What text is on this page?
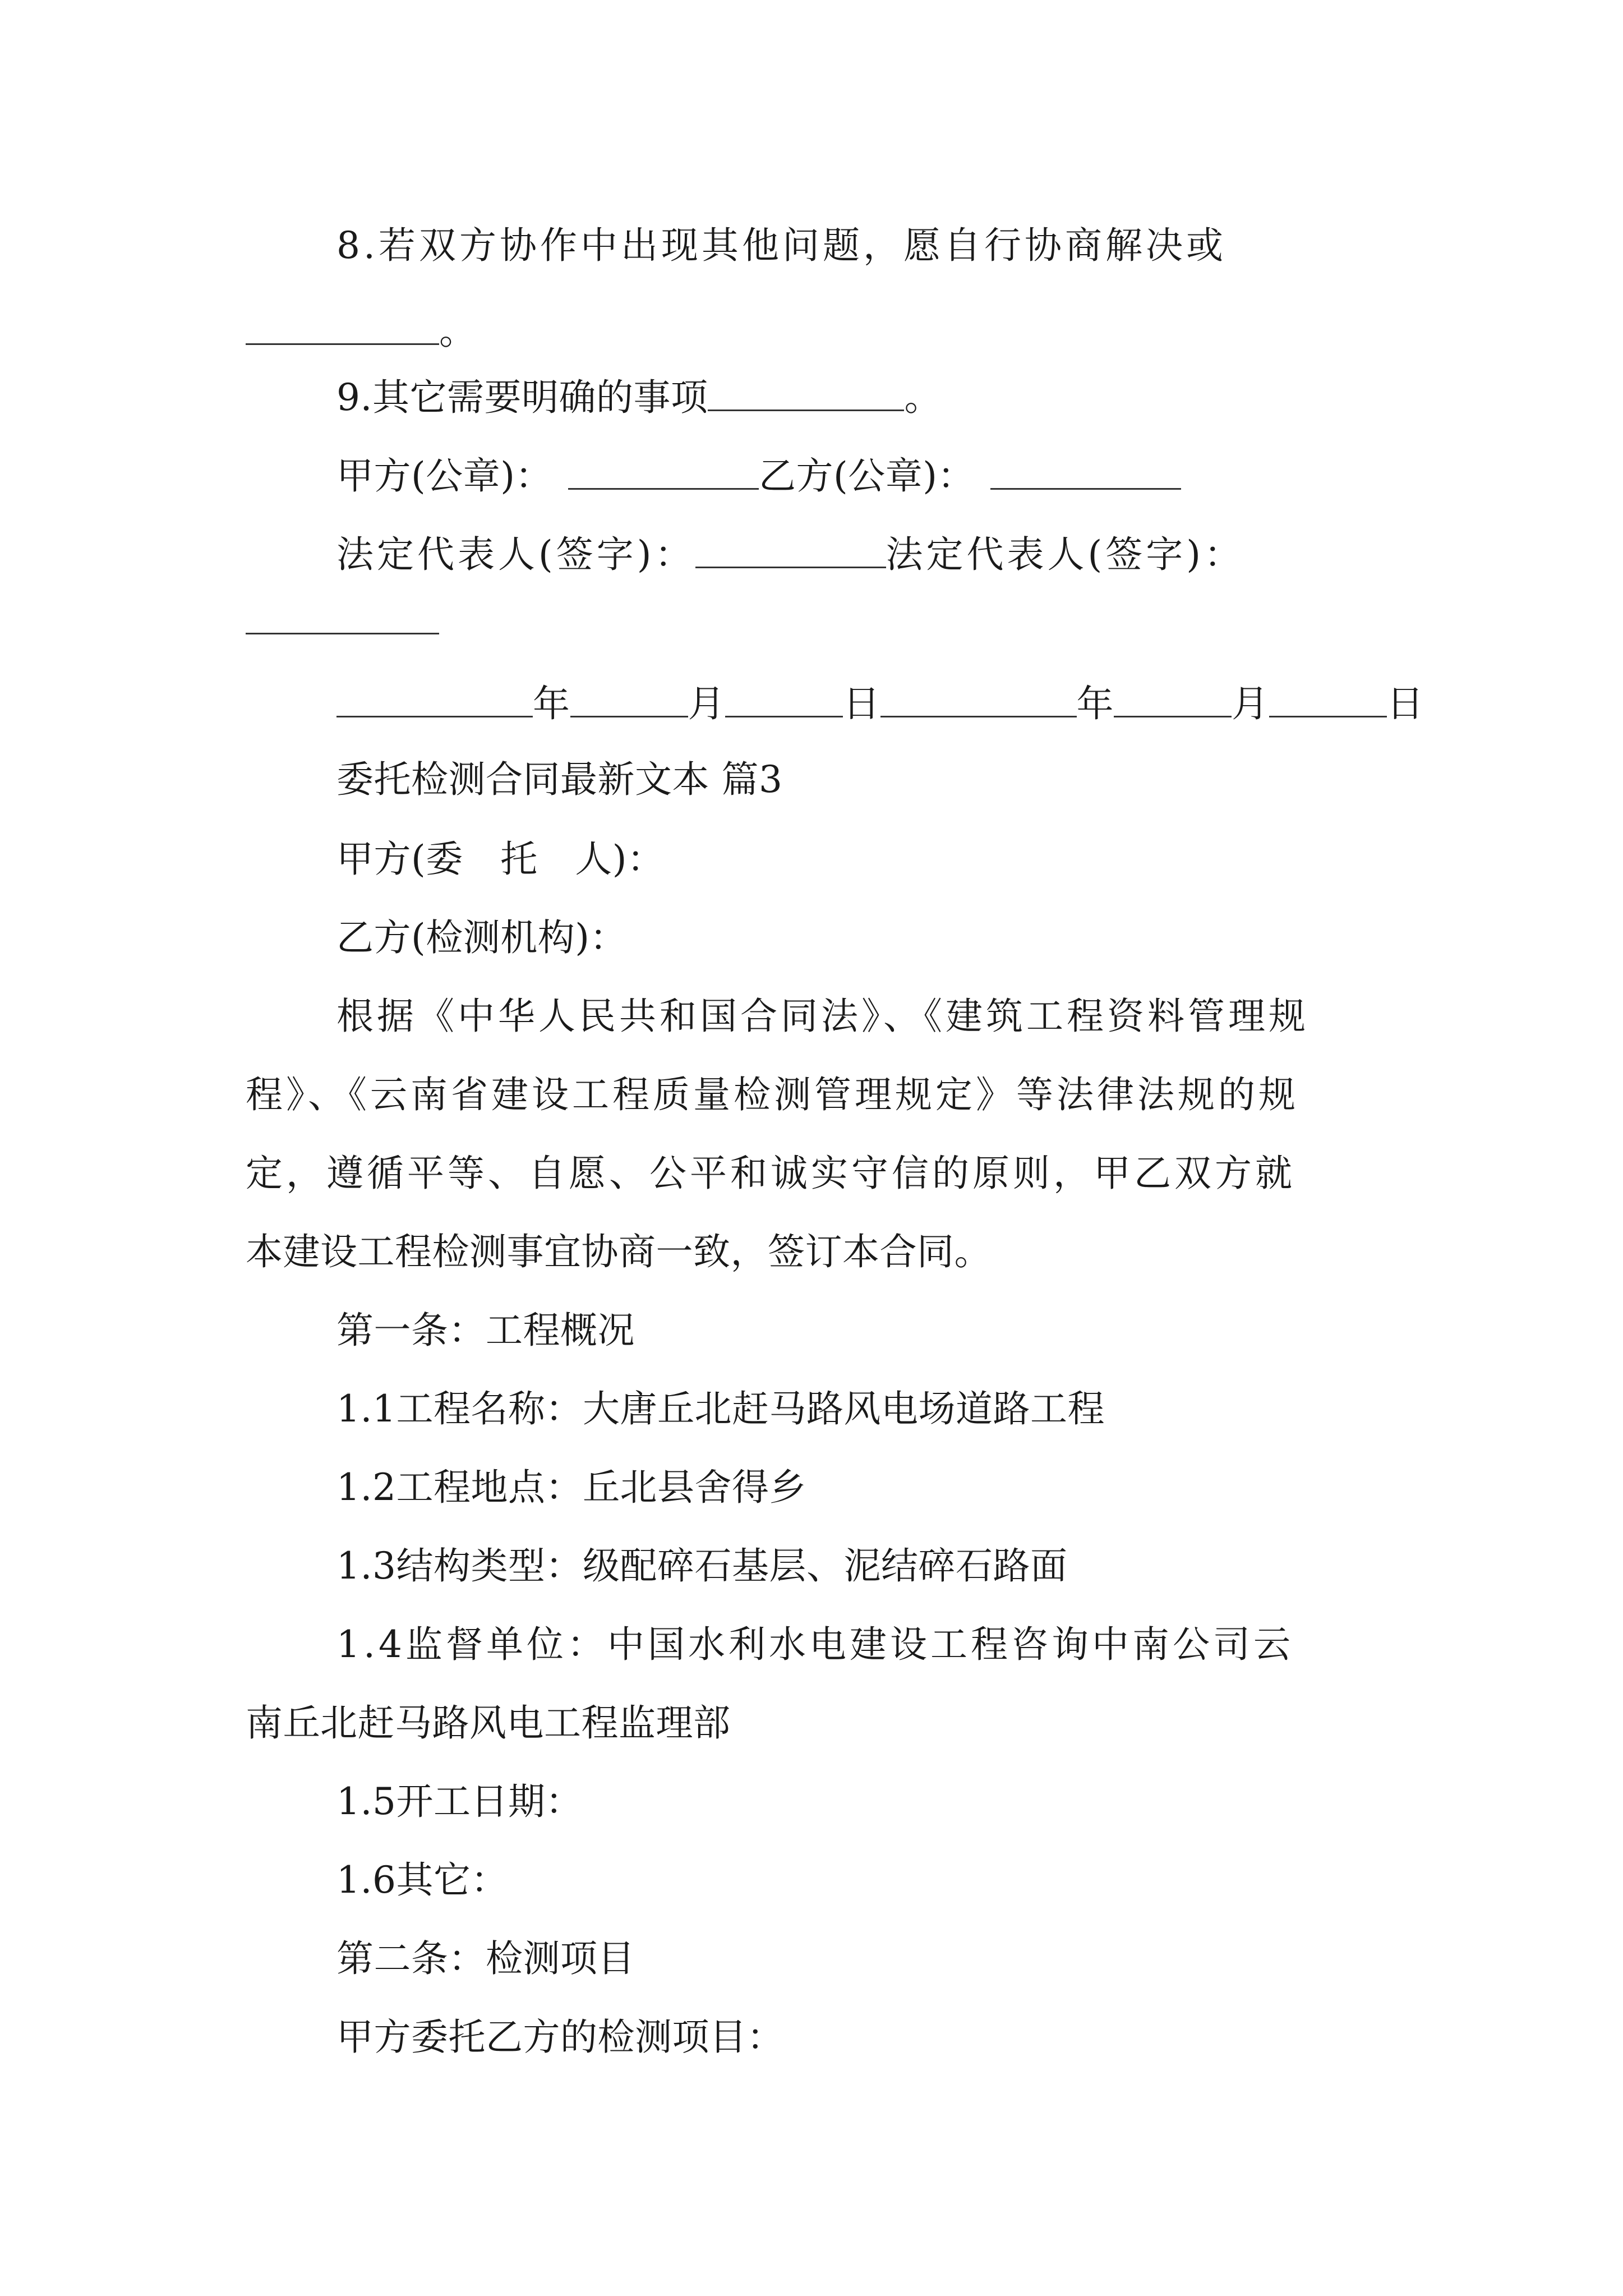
8.若双方协作中出现其他问题，愿自行协商解决或
。
9.其它需要明确的事项	。
甲方(公章)：	乙方(公章)：
法定代表人(签字)：	法定代表人(签字)：
年	月	日	年	月	日
委托检测合同最新文本 篇3
甲方(委　托　人)：
乙方(检测机构)：
根据《中华人民共和国合同法》、《建筑工程资料管理规
程》、《云南省建设工程质量检测管理规定》等法律法规的规
定，遵循平等、自愿、公平和诚实守信的原则，甲乙双方就
本建设工程检测事宜协商一致，签订本合同。
第一条：工程概况
1.1工程名称：大唐丘北赶马路风电场道路工程
1.2工程地点：丘北县舍得乡
1.3结构类型：级配碎石基层、泥结碎石路面
1.4监督单位：中国水利水电建设工程咨询中南公司云
南丘北赶马路风电工程监理部
1.5开工日期：
1.6其它：
第二条：检测项目
甲方委托乙方的检测项目：
